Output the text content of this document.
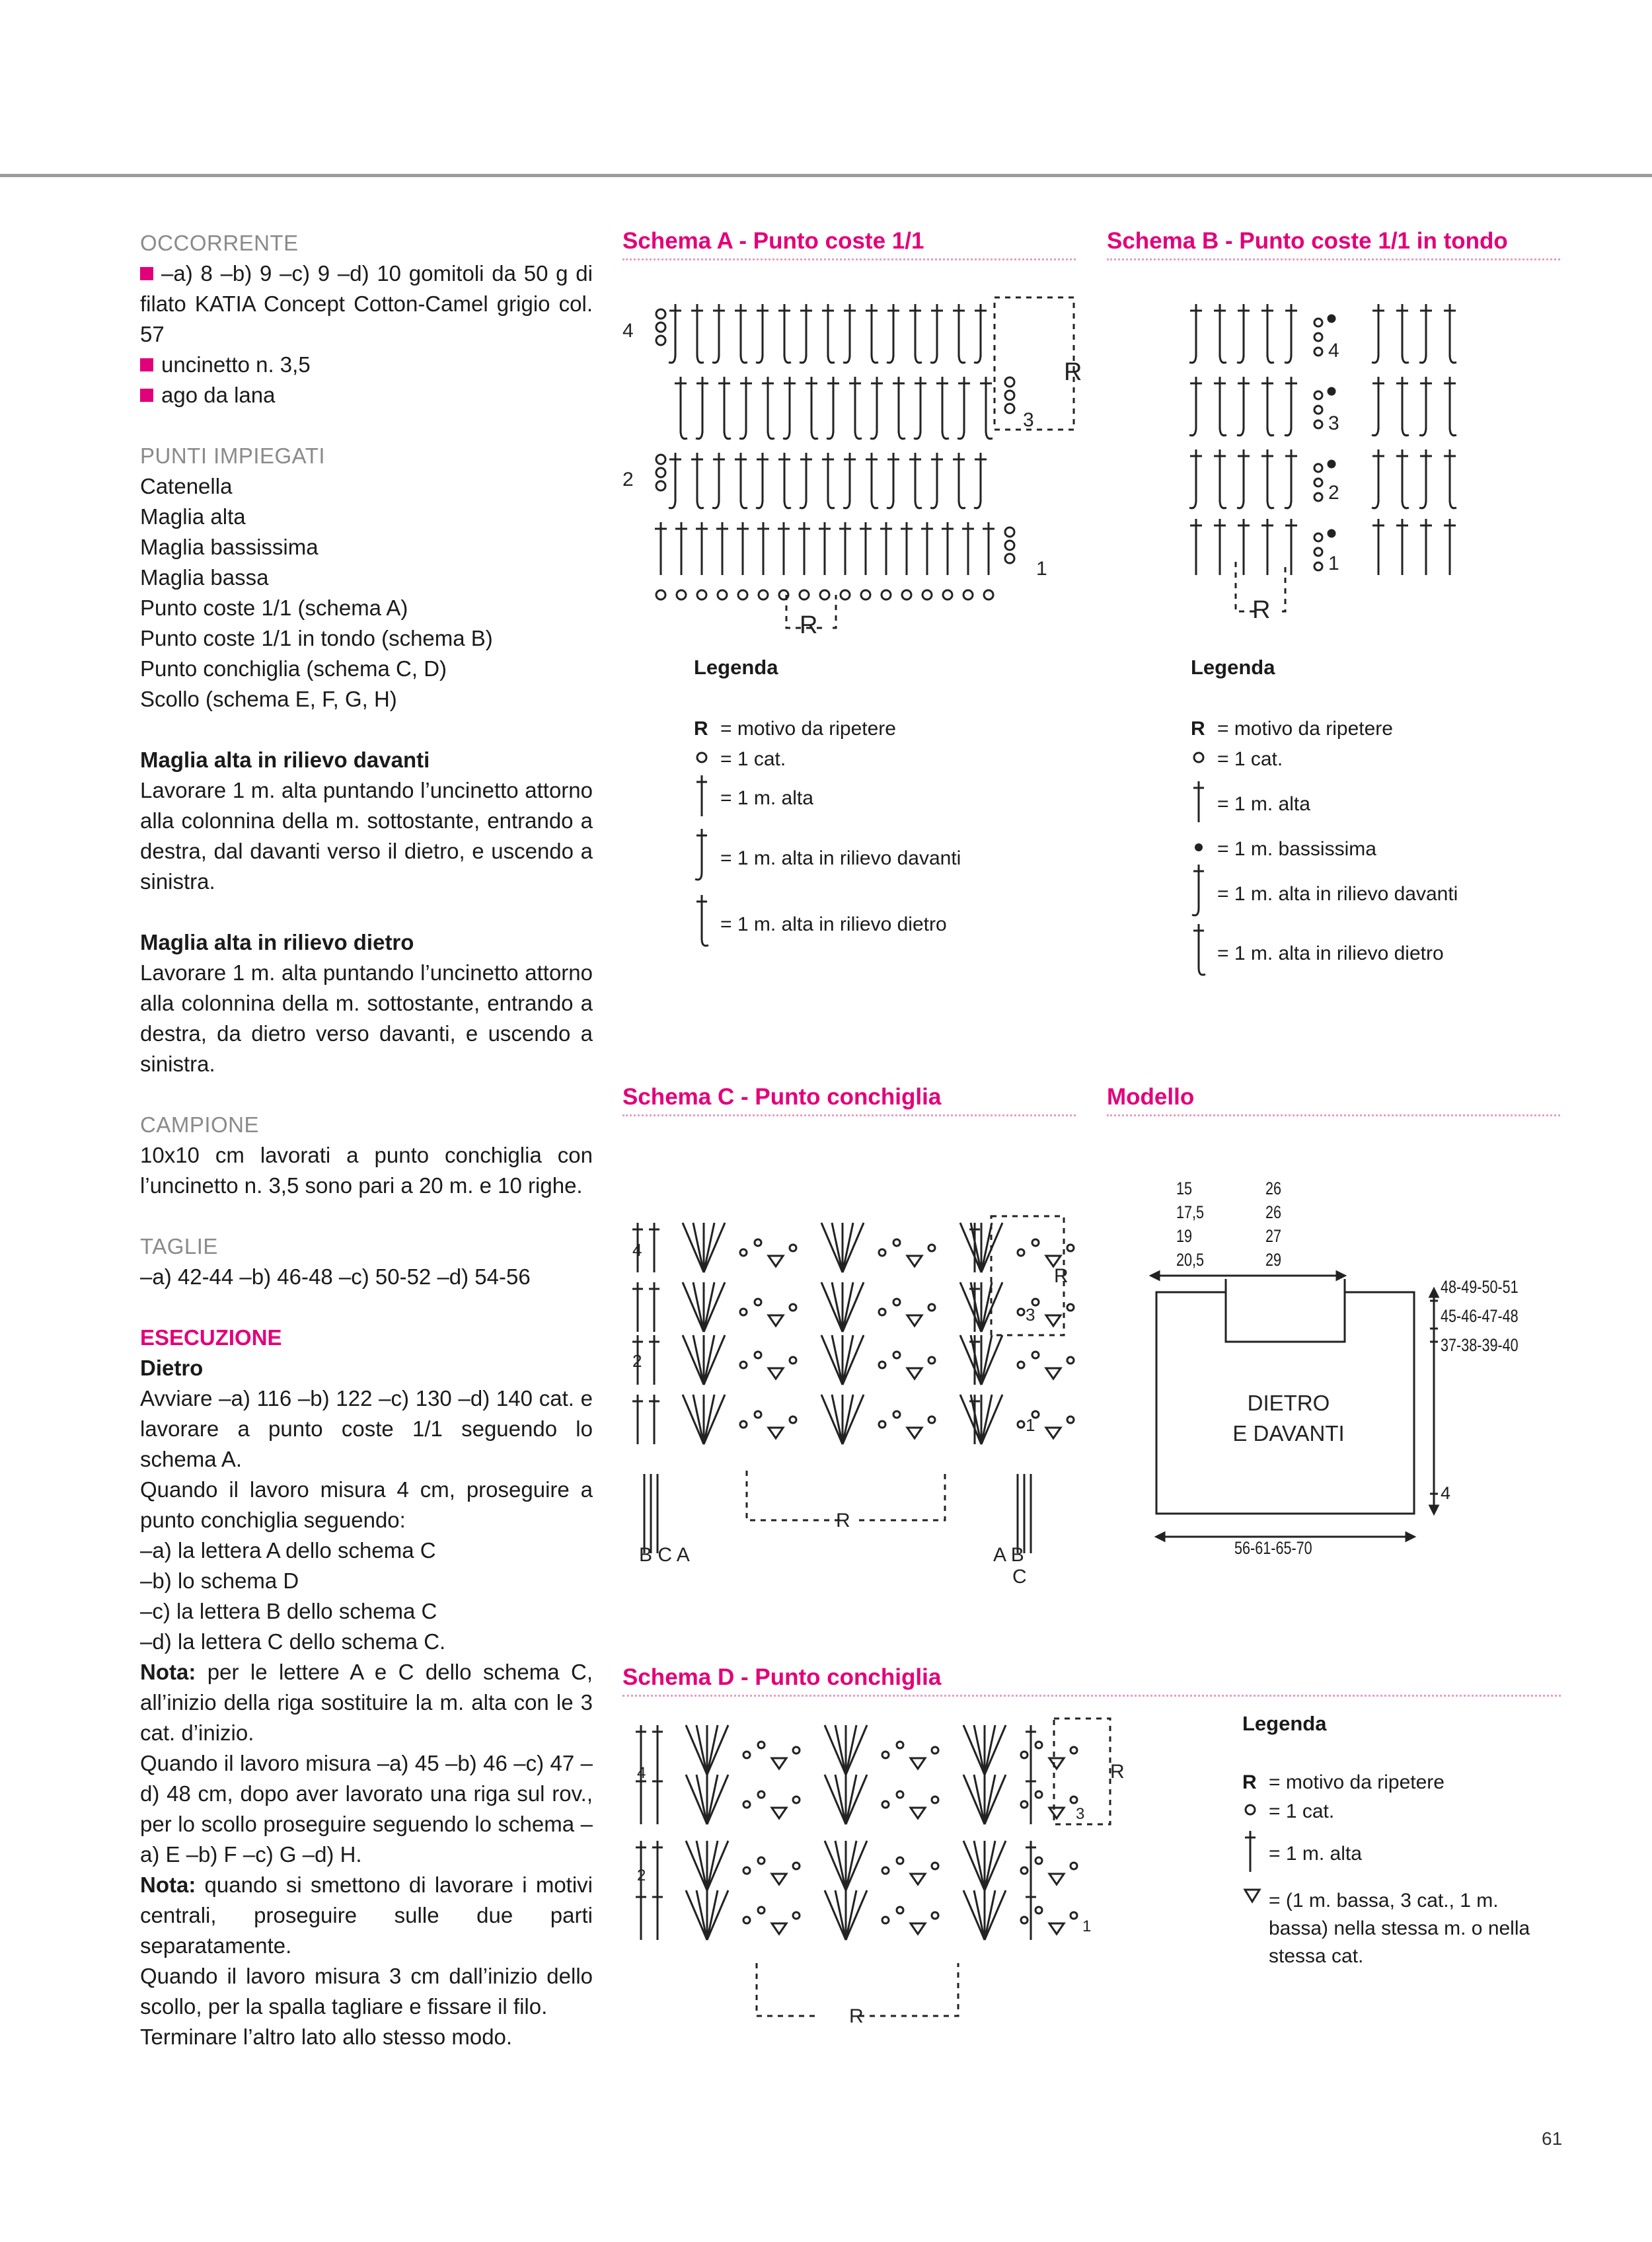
OCCORRENTE

–a) 8 –b) 9 –c) 9 –d) 10 gomitoli da 50 g di filato KATIA Concept Cotton-Camel grigio col. 57

uncinetto n. 3,5

ago da lana

PUNTI IMPIEGATI

Catenella

Maglia alta

Maglia bassissima

Maglia bassa

Punto coste 1/1 (schema A)

Punto coste 1/1 in tondo (schema B)

Punto conchiglia (schema C, D)

Scollo (schema E, F, G, H)

Maglia alta in rilievo davanti

Lavorare 1 m. alta puntando l’uncinetto attorno alla colonnina della m. sottostante, entrando a destra, dal davanti verso il dietro, e uscendo a sinistra.

Maglia alta in rilievo dietro

Lavorare 1 m. alta puntando l’uncinetto attorno alla colonnina della m. sottostante, entrando a destra, da dietro verso davanti, e uscendo a sinistra.

CAMPIONE

10x10 cm lavorati a punto conchiglia con l’uncinetto n. 3,5 sono pari a 20 m. e 10 righe.

TAGLIE

–a) 42-44 –b) 46-48 –c) 50-52 –d) 54-56

ESECUZIONE

Dietro

Avviare –a) 116 –b) 122 –c) 130 –d) 140 cat. e lavorare a punto coste 1/1 seguendo lo schema A.

Quando il lavoro misura 4 cm, proseguire a punto conchiglia seguendo:

–a) la lettera A dello schema C

–b) lo schema D

–c) la lettera B dello schema C

–d) la lettera C dello schema C.

Nota: per le lettere A e C dello schema C, all’inizio della riga sostituire la m. alta con le 3 cat. d’inizio.

Quando il lavoro misura –a) 45 –b) 46 –c) 47 –d) 48 cm, dopo aver lavorato una riga sul rov., per lo scollo proseguire seguendo lo schema –a) E –b) F –c) G –d) H.

Nota: quando si smettono di lavorare i motivi centrali, proseguire sulle due parti separatamente.

Quando il lavoro misura 3 cm dall’inizio dello scollo, per la spalla tagliare e fissare il filo.

Terminare l’altro lato allo stesso modo.

Schema A - Punto coste 1/1
4
3
2
1
R
R
Legenda
R = motivo da ripetere
= 1 cat.
= 1 m. alta
= 1 m. alta in rilievo davanti
= 1 m. alta in rilievo dietro
Schema B - Punto coste 1/1 in tondo
4
3
2
1
R
Legenda
R = motivo da ripetere
= 1 cat.
= 1 m. alta
= 1 m. bassissima
= 1 m. alta in rilievo davanti
= 1 m. alta in rilievo dietro
Schema C - Punto conchiglia
4
3
2
1
R
R
B C A	A B
C
Modello
15
17,5
19
20,5
26
26
27
29
48-49-50-51
45-46-47-48
37-38-39-40
4
56-61-65-70
DIETRO
E DAVANTI
Schema D - Punto conchiglia
4
3
2
1
R
R
Legenda
R = motivo da ripetere
= 1 cat.
= 1 m. alta
= (1 m. bassa, 3 cat., 1 m. bassa) nella stessa m. o nella stessa cat.
61
